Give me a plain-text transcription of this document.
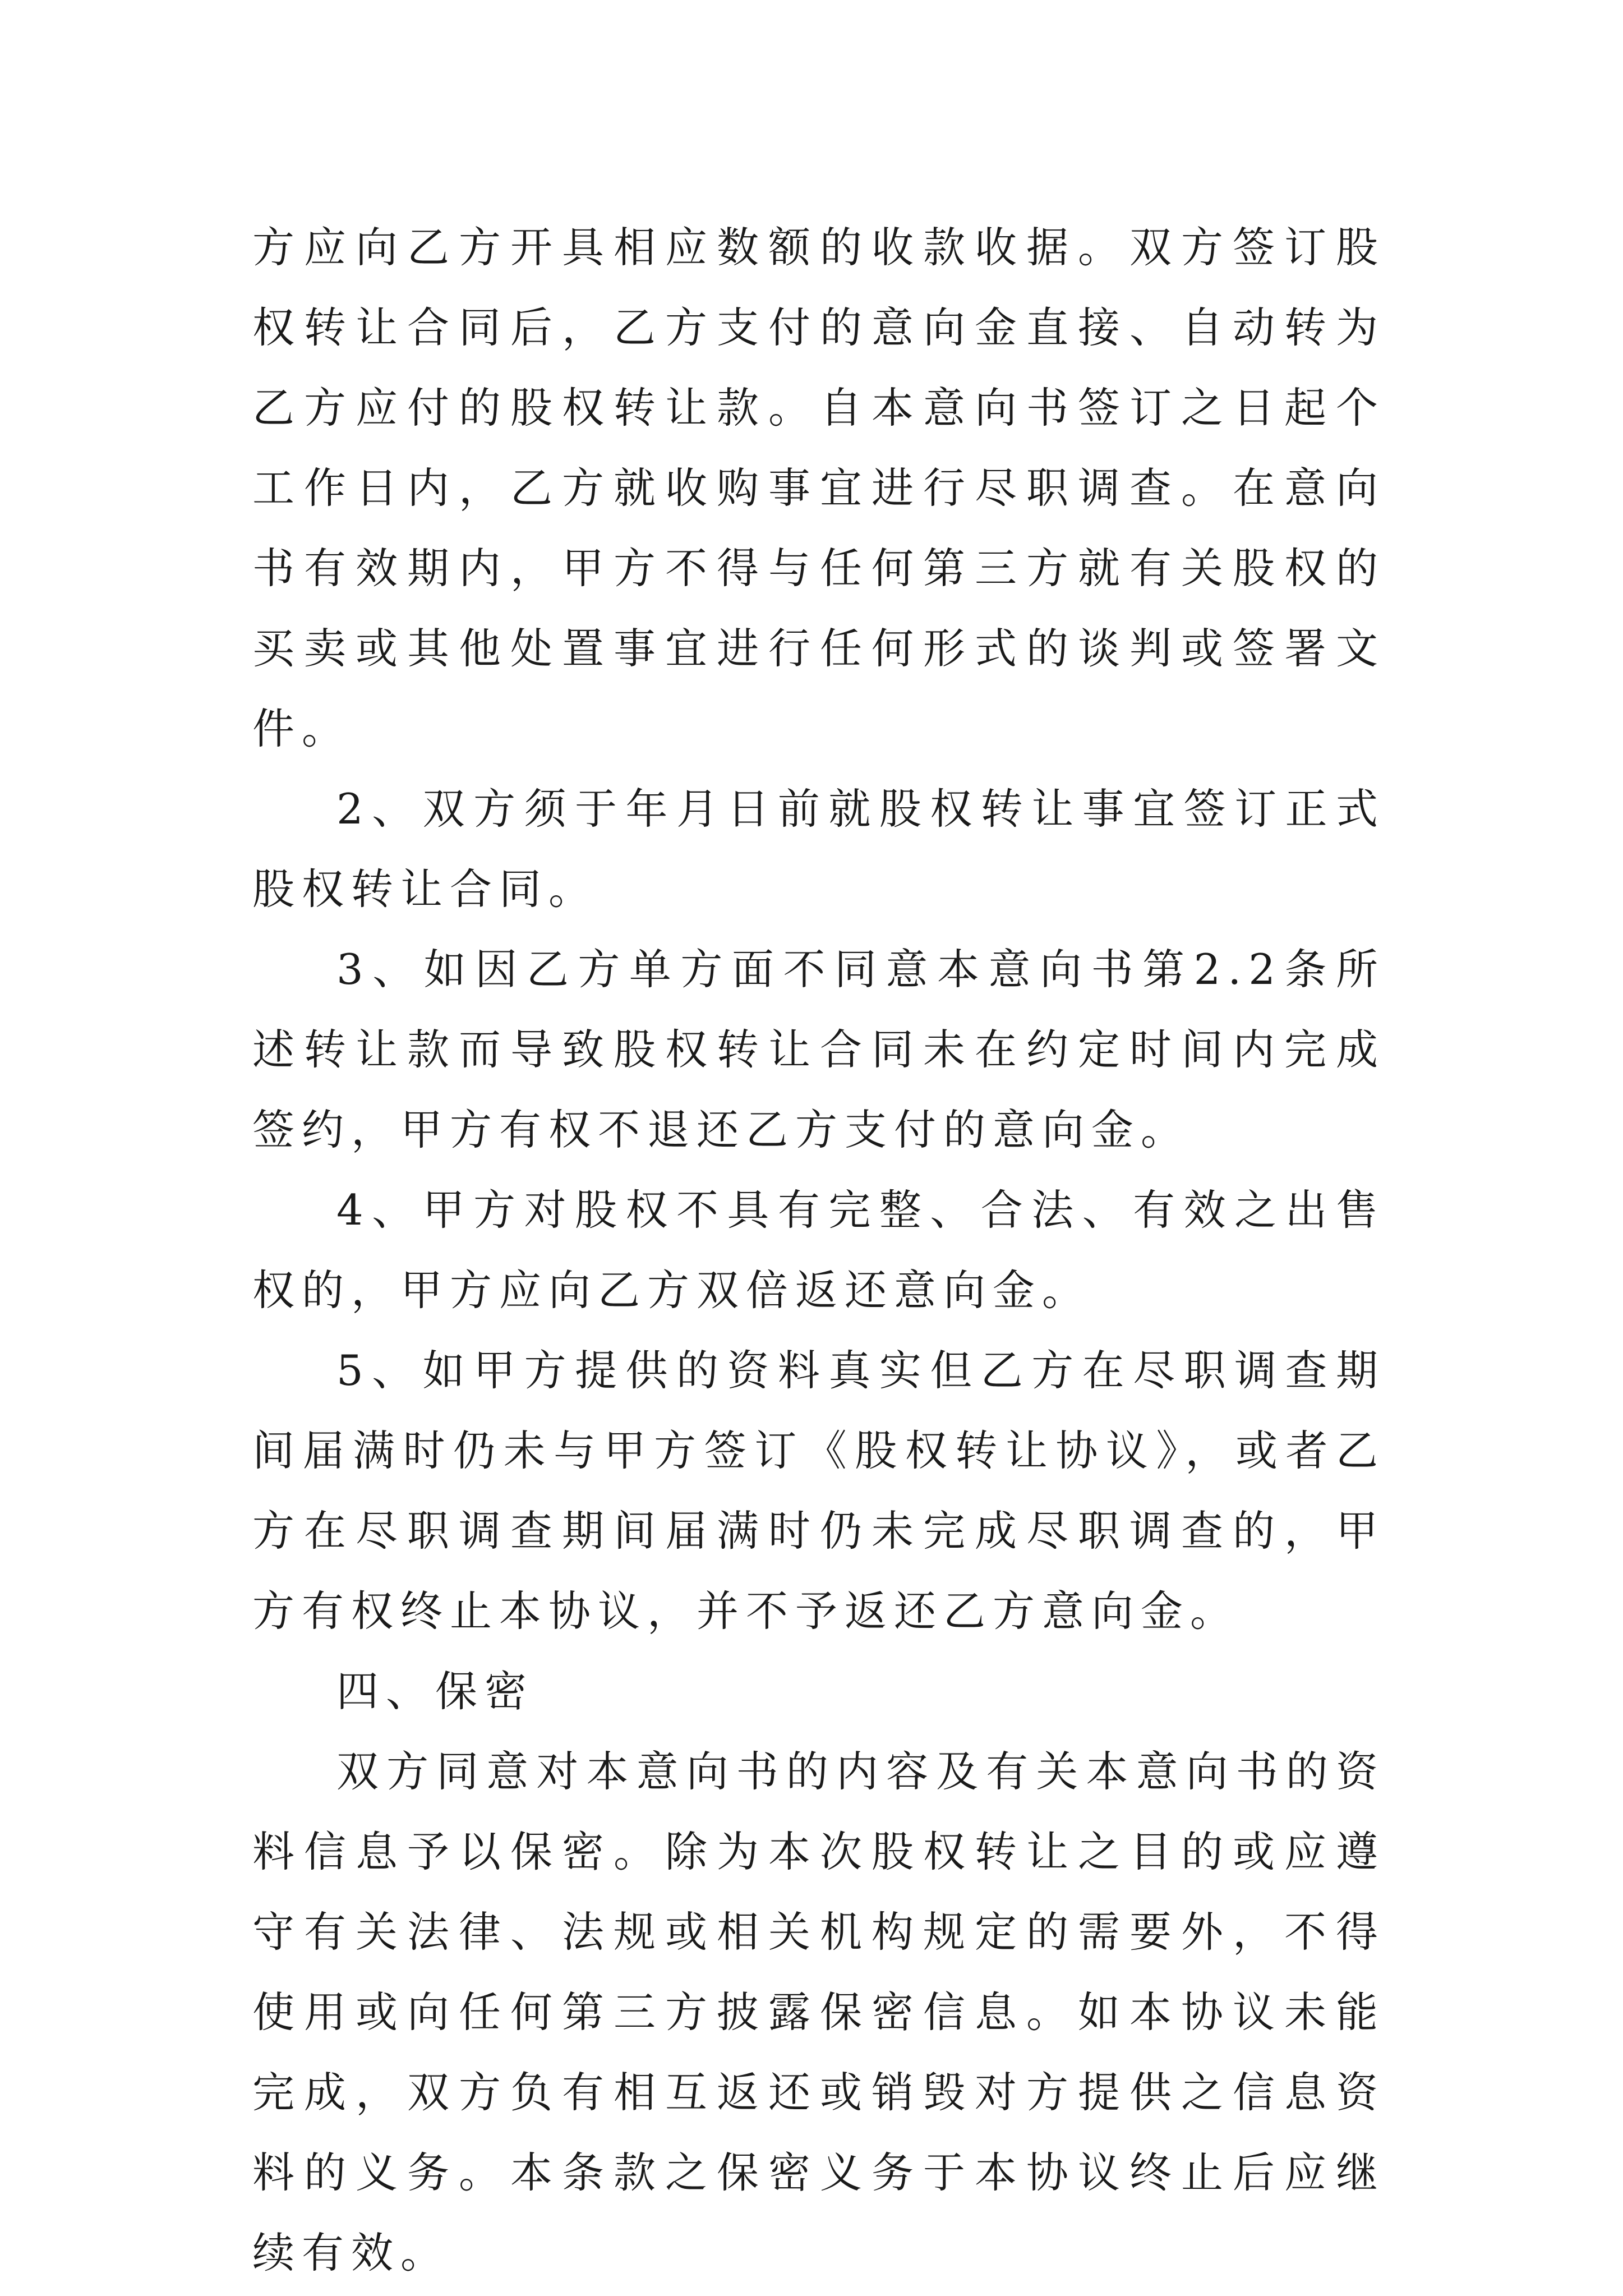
方应向乙方开具相应数额的收款收据。双方签订股权转让合同后，乙方支付的意向金直接、自动转为乙方应付的股权转让款。自本意向书签订之日起个工作日内，乙方就收购事宜进行尽职调查。在意向书有效期内，甲方不得与任何第三方就有关股权的买卖或其他处置事宜进行任何形式的谈判或签署文件。

2、双方须于年月日前就股权转让事宜签订正式股权转让合同。

3、如因乙方单方面不同意本意向书第2.2条所述转让款而导致股权转让合同未在约定时间内完成签约，甲方有权不退还乙方支付的意向金。

4、甲方对股权不具有完整、合法、有效之出售权的，甲方应向乙方双倍返还意向金。

5、如甲方提供的资料真实但乙方在尽职调查期间届满时仍未与甲方签订《股权转让协议》，或者乙方在尽职调查期间届满时仍未完成尽职调查的，甲方有权终止本协议，并不予返还乙方意向金。

四、保密

双方同意对本意向书的内容及有关本意向书的资料信息予以保密。除为本次股权转让之目的或应遵守有关法律、法规或相关机构规定的需要外，不得使用或向任何第三方披露保密信息。如本协议未能完成，双方负有相互返还或销毁对方提供之信息资料的义务。本条款之保密义务于本协议终止后应继续有效。
